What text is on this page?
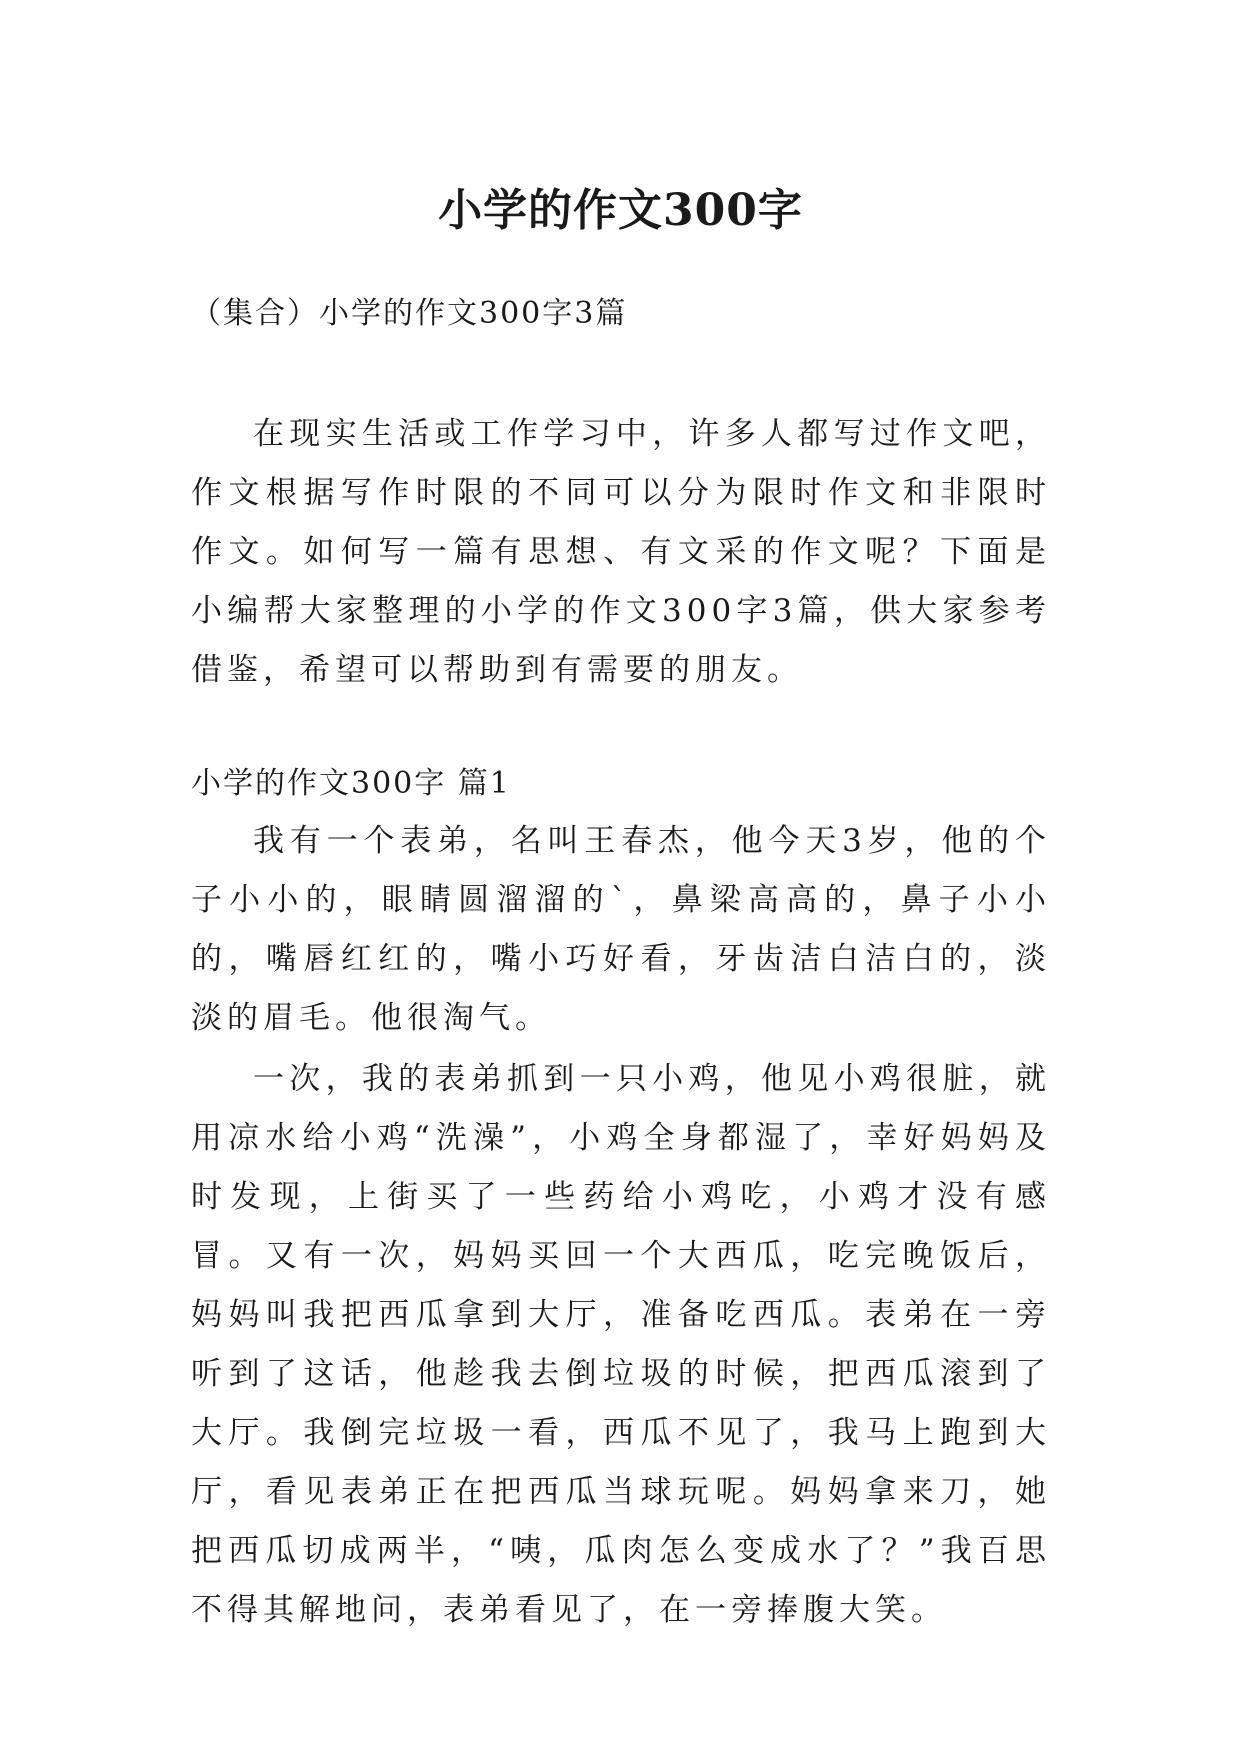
小学的作文300字
（集合）小学的作文300字3篇

在现实生活或工作学习中，许多人都写过作文吧，作文根据写作时限的不同可以分为限时作文和非限时作文。如何写一篇有思想、有文采的作文呢？下面是小编帮大家整理的小学的作文300字3篇，供大家参考借鉴，希望可以帮助到有需要的朋友。

小学的作文300字 篇1

我有一个表弟，名叫王春杰，他今天3岁，他的个子小小的，眼睛圆溜溜的`，鼻梁高高的，鼻子小小的，嘴唇红红的，嘴小巧好看，牙齿洁白洁白的，淡淡的眉毛。他很淘气。

一次，我的表弟抓到一只小鸡，他见小鸡很脏，就用凉水给小鸡“洗澡”，小鸡全身都湿了，幸好妈妈及时发现，上街买了一些药给小鸡吃，小鸡才没有感冒。又有一次，妈妈买回一个大西瓜，吃完晚饭后，妈妈叫我把西瓜拿到大厅，准备吃西瓜。表弟在一旁听到了这话，他趁我去倒垃圾的时候，把西瓜滚到了大厅。我倒完垃圾一看，西瓜不见了，我马上跑到大厅，看见表弟正在把西瓜当球玩呢。妈妈拿来刀，她把西瓜切成两半，“咦，瓜肉怎么变成水了？”我百思不得其解地问，表弟看见了，在一旁捧腹大笑。
